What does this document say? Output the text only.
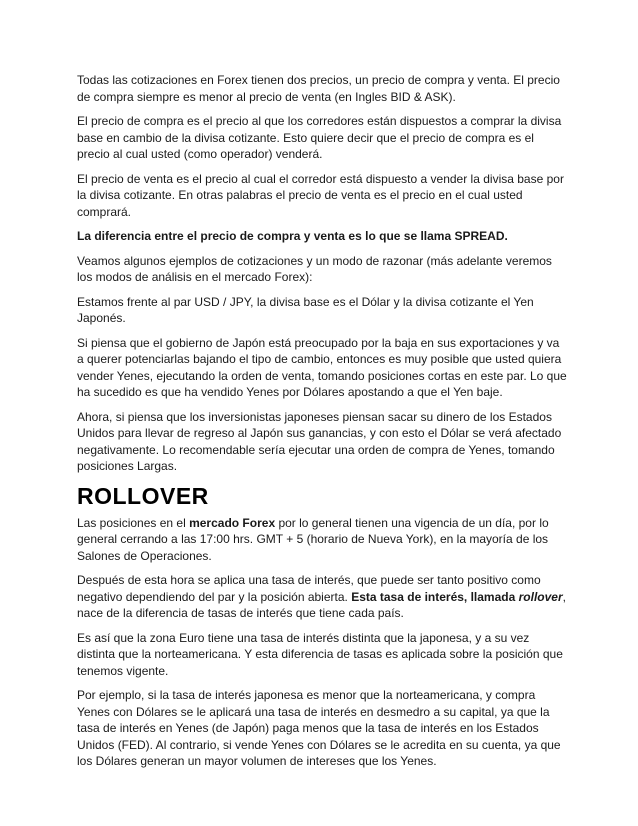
Todas las cotizaciones en Forex tienen dos precios, un precio de compra y venta. El precio de compra siempre es menor al precio de venta (en Ingles BID & ASK).

El precio de compra es el precio al que los corredores están dispuestos a comprar la divisa base en cambio de la divisa cotizante. Esto quiere decir que el precio de compra es el precio al cual usted (como operador) venderá.

El precio de venta es el precio al cual el corredor está dispuesto a vender la divisa base por la divisa cotizante. En otras palabras el precio de venta es el precio en el cual usted comprará.

La diferencia entre el precio de compra y venta es lo que se llama SPREAD.

Veamos algunos ejemplos de cotizaciones y un modo de razonar (más adelante veremos los modos de análisis en el mercado Forex):

Estamos frente al par USD / JPY, la divisa base es el Dólar y la divisa cotizante el Yen Japonés.

Si piensa que el gobierno de Japón está preocupado por la baja en sus exportaciones y va a querer potenciarlas bajando el tipo de cambio, entonces es muy posible que usted quiera vender Yenes, ejecutando la orden de venta, tomando posiciones cortas en este par. Lo que ha sucedido es que ha vendido Yenes por Dólares apostando a que el Yen baje.

Ahora, si piensa que los inversionistas japoneses piensan sacar su dinero de los Estados Unidos para llevar de regreso al Japón sus ganancias, y con esto el Dólar se verá afectado negativamente. Lo recomendable sería ejecutar una orden de compra de Yenes, tomando posiciones Largas.

ROLLOVER

Las posiciones en el mercado Forex por lo general tienen una vigencia de un día, por lo general cerrando a las 17:00 hrs. GMT + 5 (horario de Nueva York), en la mayoría de los Salones de Operaciones.

Después de esta hora se aplica una tasa de interés, que puede ser tanto positivo como negativo dependiendo del par y la posición abierta. Esta tasa de interés, llamada rollover, nace de la diferencia de tasas de interés que tiene cada país.

Es así que la zona Euro tiene una tasa de interés distinta que la japonesa, y a su vez distinta que la norteamericana. Y esta diferencia de tasas es aplicada sobre la posición que tenemos vigente.

Por ejemplo, si la tasa de interés japonesa es menor que la norteamericana, y compra Yenes con Dólares se le aplicará una tasa de interés en desmedro a su capital, ya que la tasa de interés en Yenes (de Japón) paga menos que la tasa de interés en los Estados Unidos (FED). Al contrario, si vende Yenes con Dólares se le acredita en su cuenta, ya que los Dólares generan un mayor volumen de intereses que los Yenes.
